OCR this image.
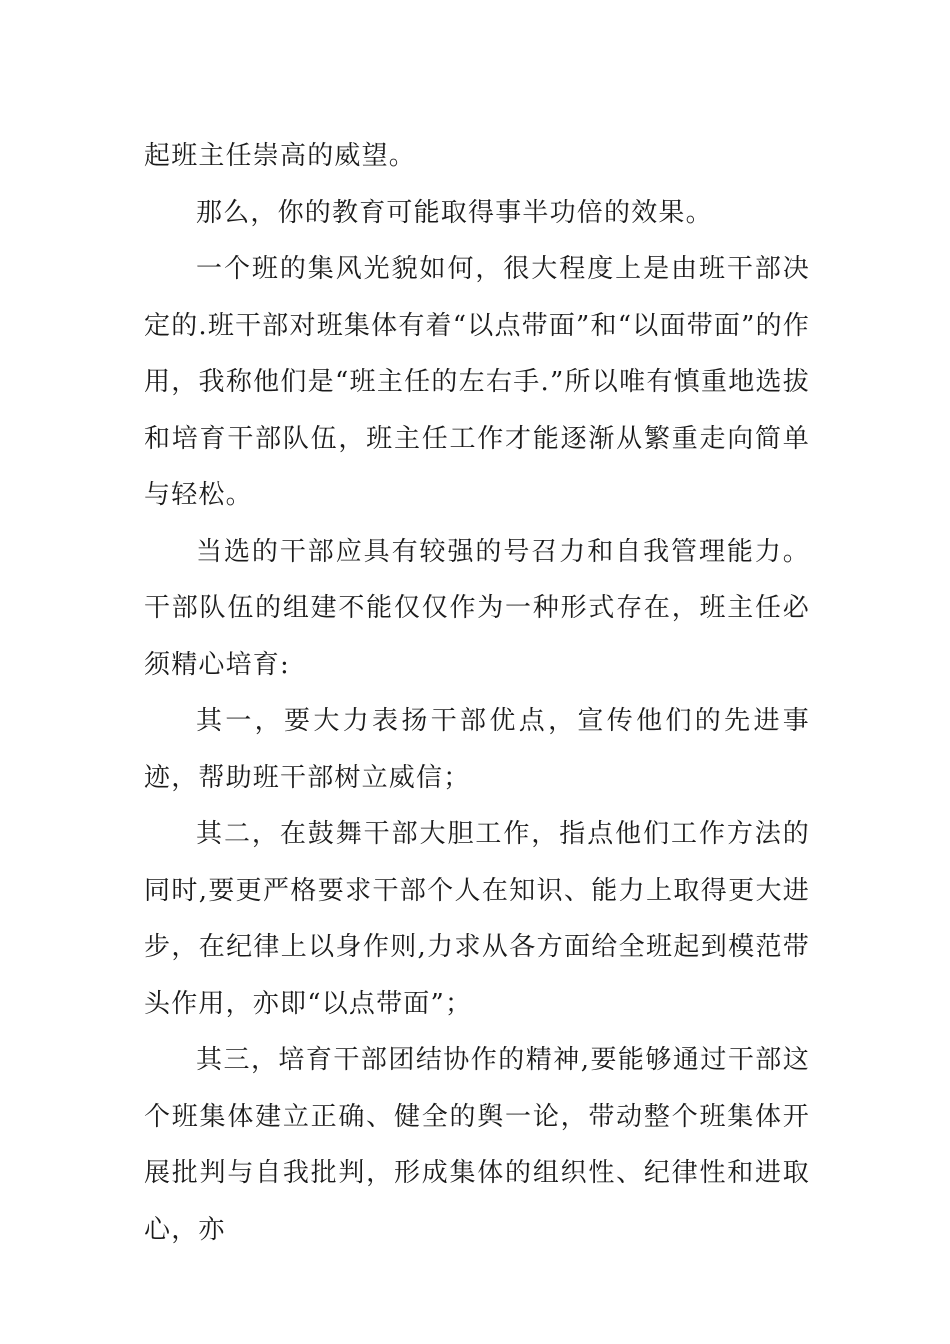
起班主任崇高的威望。

那么，你的教育可能取得事半功倍的效果。

一个班的集风光貌如何，很大程度上是由班干部决定的.班干部对班集体有着“以点带面”和“以面带面”的作用，我称他们是“班主任的左右手.”所以唯有慎重地选拔和培育干部队伍，班主任工作才能逐渐从繁重走向简单与轻松。

当选的干部应具有较强的号召力和自我管理能力。干部队伍的组建不能仅仅作为一种形式存在，班主任必须精心培育:

其一，要大力表扬干部优点，宣传他们的先进事迹，帮助班干部树立威信；

其二，在鼓舞干部大胆工作，指点他们工作方法的同时,要更严格要求干部个人在知识、能力上取得更大进步，在纪律上以身作则,力求从各方面给全班起到模范带头作用，亦即“以点带面”；

其三，培育干部团结协作的精神,要能够通过干部这个班集体建立正确、健全的舆一论，带动整个班集体开展批判与自我批判，形成集体的组织性、纪律性和进取心，亦
